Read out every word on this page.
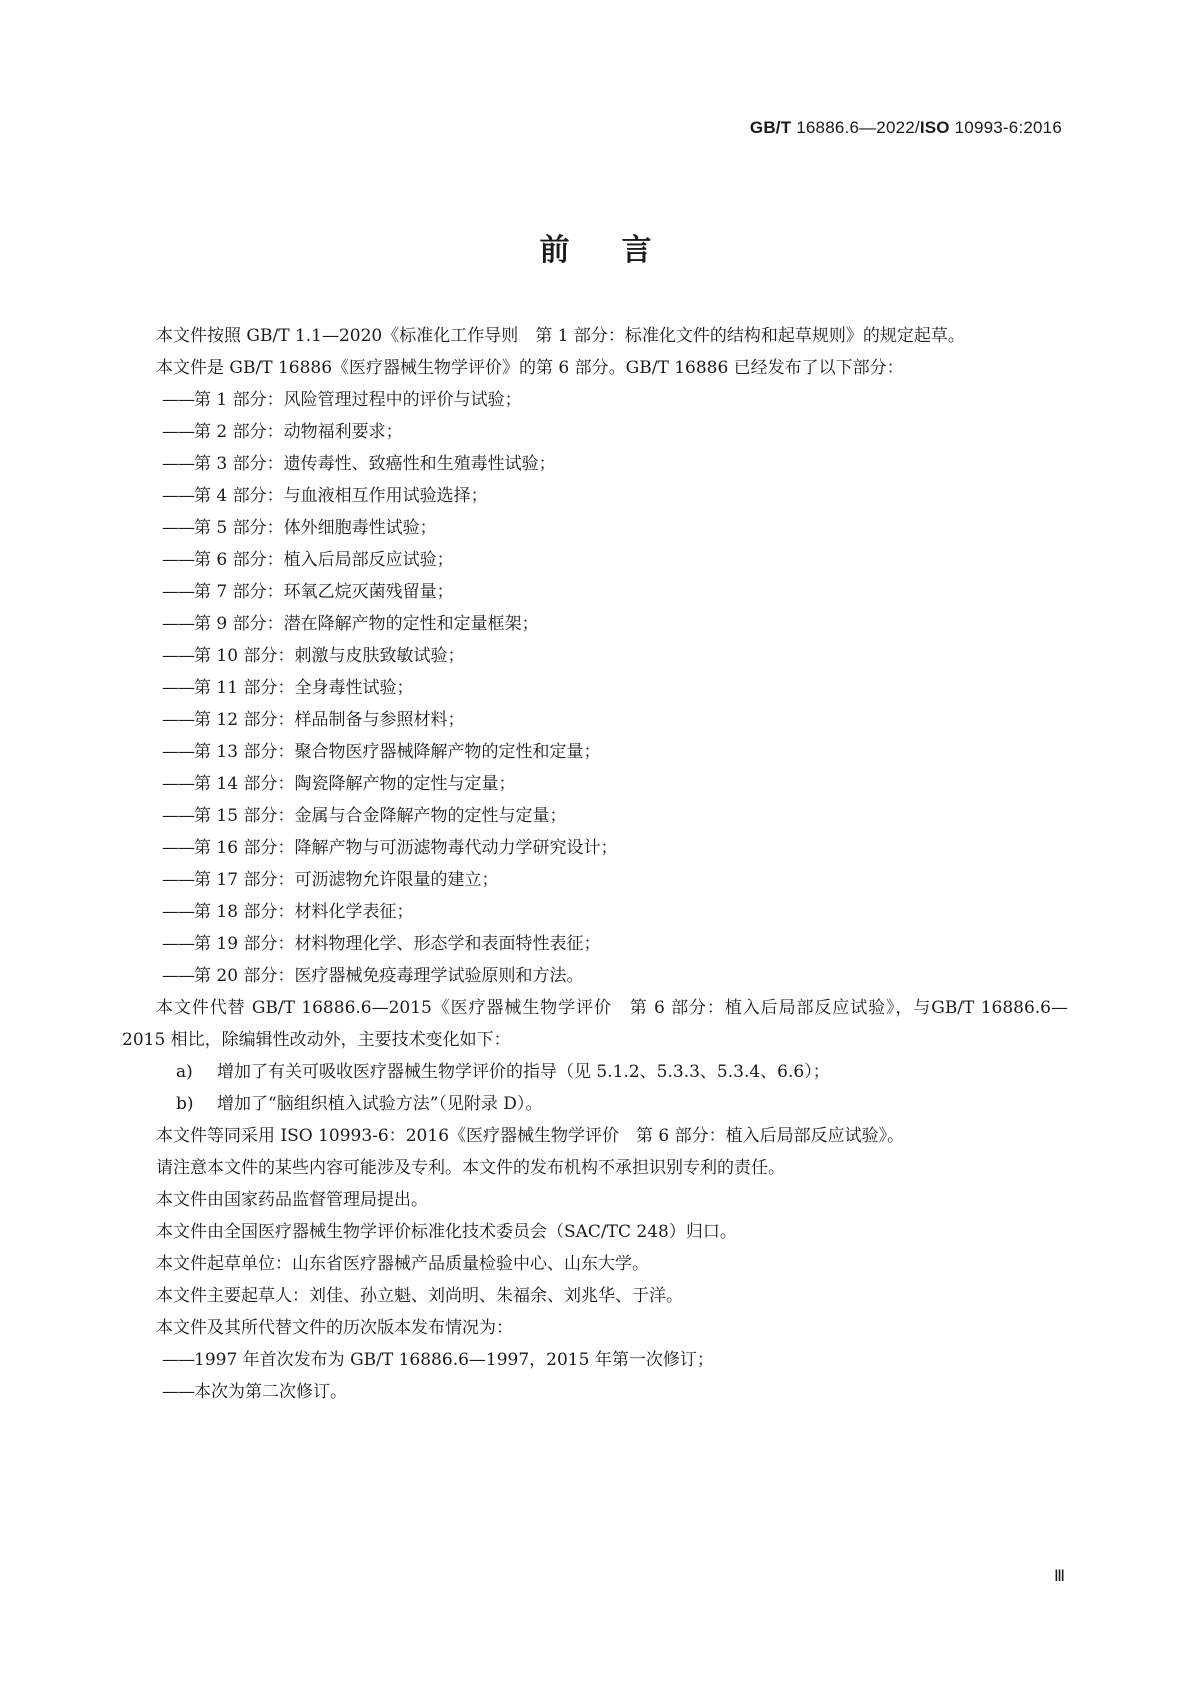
GB/T 16886.6—2022/ISO 10993-6:2016
前言

本文件按照 GB/T 1.1—2020《标准化工作导则　第 1 部分：标准化文件的结构和起草规则》的规定起草。

本文件是 GB/T 16886《医疗器械生物学评价》的第 6 部分。GB/T 16886 已经发布了以下部分：

——第 1 部分：风险管理过程中的评价与试验；

——第 2 部分：动物福利要求；

——第 3 部分：遗传毒性、致癌性和生殖毒性试验；

——第 4 部分：与血液相互作用试验选择；

——第 5 部分：体外细胞毒性试验；

——第 6 部分：植入后局部反应试验；

——第 7 部分：环氧乙烷灭菌残留量；

——第 9 部分：潜在降解产物的定性和定量框架；

——第 10 部分：刺激与皮肤致敏试验；

——第 11 部分：全身毒性试验；

——第 12 部分：样品制备与参照材料；

——第 13 部分：聚合物医疗器械降解产物的定性和定量；

——第 14 部分：陶瓷降解产物的定性与定量；

——第 15 部分：金属与合金降解产物的定性与定量；

——第 16 部分：降解产物与可沥滤物毒代动力学研究设计；

——第 17 部分：可沥滤物允许限量的建立；

——第 18 部分：材料化学表征；

——第 19 部分：材料物理化学、形态学和表面特性表征；

——第 20 部分：医疗器械免疫毒理学试验原则和方法。

本文件代替 GB/T 16886.6—2015《医疗器械生物学评价　第 6 部分：植入后局部反应试验》，与GB/T 16886.6—2015 相比，除编辑性改动外，主要技术变化如下：

a) 增加了有关可吸收医疗器械生物学评价的指导（见 5.1.2、5.3.3、5.3.4、6.6）；

b) 增加了“脑组织植入试验方法”（见附录 D）。

本文件等同采用 ISO 10993-6：2016《医疗器械生物学评价　第 6 部分：植入后局部反应试验》。

请注意本文件的某些内容可能涉及专利。本文件的发布机构不承担识别专利的责任。

本文件由国家药品监督管理局提出。

本文件由全国医疗器械生物学评价标准化技术委员会（SAC/TC 248）归口。

本文件起草单位：山东省医疗器械产品质量检验中心、山东大学。

本文件主要起草人：刘佳、孙立魁、刘尚明、朱福余、刘兆华、于洋。

本文件及其所代替文件的历次版本发布情况为：

——1997 年首次发布为 GB/T 16886.6—1997，2015 年第一次修订；

——本次为第二次修订。

Ⅲ
